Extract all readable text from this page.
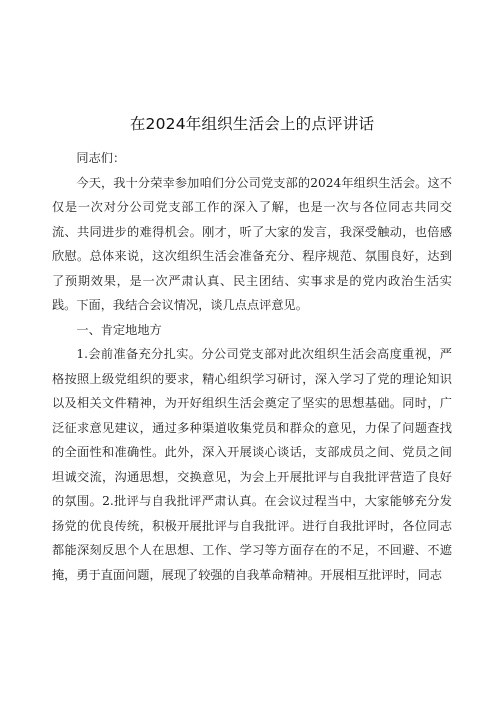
在2024年组织生活会上的点评讲话

同志们：

今天，我十分荣幸参加咱们分公司党支部的2024年组织生活会。这不仅是一次对分公司党支部工作的深入了解，也是一次与各位同志共同交流、共同进步的难得机会。刚才，听了大家的发言，我深受触动，也倍感欣慰。总体来说，这次组织生活会准备充分、程序规范、氛围良好，达到了预期效果，是一次严肃认真、民主团结、实事求是的党内政治生活实践。下面，我结合会议情况，谈几点点评意见。

一、肯定地地方

1.会前准备充分扎实。分公司党支部对此次组织生活会高度重视，严格按照上级党组织的要求，精心组织学习研讨，深入学习了党的理论知识以及相关文件精神，为开好组织生活会奠定了坚实的思想基础。同时，广泛征求意见建议，通过多种渠道收集党员和群众的意见，力保了问题查找的全面性和准确性。此外，深入开展谈心谈话，支部成员之间、党员之间坦诚交流，沟通思想，交换意见，为会上开展批评与自我批评营造了良好的氛围。2.批评与自我批评严肃认真。在会议过程当中，大家能够充分发扬党的优良传统，积极开展批评与自我批评。进行自我批评时，各位同志都能深刻反思个人在思想、工作、学习等方面存在的不足，不回避、不遮掩，勇于直面问题，展现了较强的自我革命精神。开展相互批评时，同志
